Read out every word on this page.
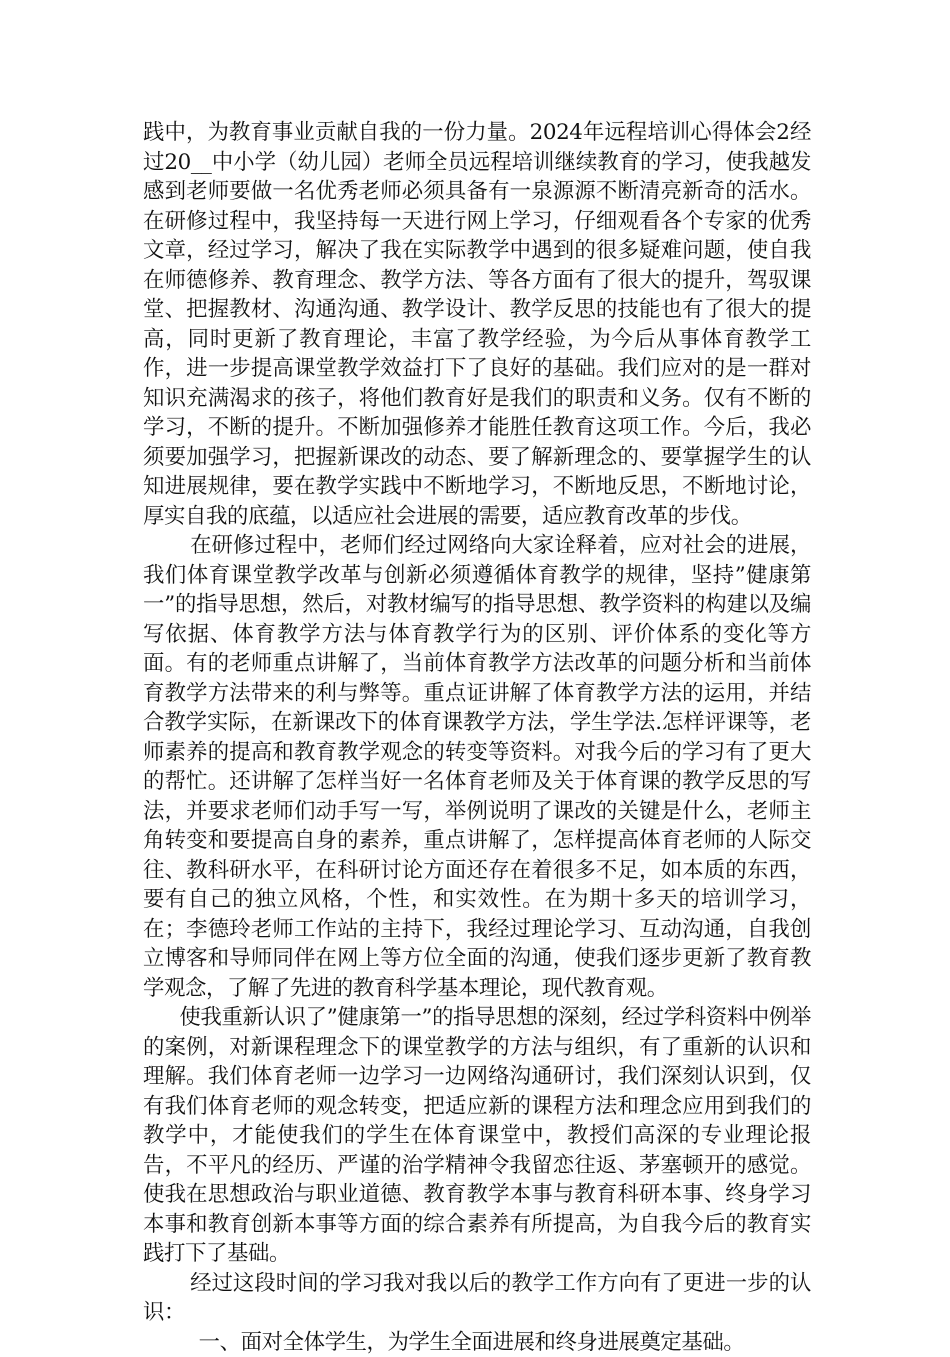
践中，为教育事业贡献自我的一份力量。2024年远程培训心得体会2经过20__中小学（幼儿园）老师全员远程培训继续教育的学习，使我越发感到老师要做一名优秀老师必须具备有一泉源源不断清亮新奇的活水。在研修过程中，我坚持每一天进行网上学习，仔细观看各个专家的优秀文章，经过学习，解决了我在实际教学中遇到的很多疑难问题，使自我在师德修养、教育理念、教学方法、等各方面有了很大的提升，驾驭课堂、把握教材、沟通沟通、教学设计、教学反思的技能也有了很大的提高，同时更新了教育理论，丰富了教学经验，为今后从事体育教学工作，进一步提高课堂教学效益打下了良好的基础。我们应对的是一群对知识充满渴求的孩子，将他们教育好是我们的职责和义务。仅有不断的学习，不断的提升。不断加强修养才能胜任教育这项工作。今后，我必须要加强学习，把握新课改的动态、要了解新理念的、要掌握学生的认知进展规律，要在教学实践中不断地学习，不断地反思，不断地讨论，厚实自我的底蕴，以适应社会进展的需要，适应教育改革的步伐。

在研修过程中，老师们经过网络向大家诠释着，应对社会的进展，我们体育课堂教学改革与创新必须遵循体育教学的规律，坚持”健康第一”的指导思想，然后，对教材编写的指导思想、教学资料的构建以及编写依据、体育教学方法与体育教学行为的区别、评价体系的变化等方面。有的老师重点讲解了，当前体育教学方法改革的问题分析和当前体育教学方法带来的利与弊等。重点证讲解了体育教学方法的运用，并结合教学实际，在新课改下的体育课教学方法，学生学法.怎样评课等，老师素养的提高和教育教学观念的转变等资料。对我今后的学习有了更大的帮忙。还讲解了怎样当好一名体育老师及关于体育课的教学反思的写法，并要求老师们动手写一写，举例说明了课改的关键是什么，老师主角转变和要提高自身的素养，重点讲解了，怎样提高体育老师的人际交往、教科研水平，在科研讨论方面还存在着很多不足，如本质的东西，要有自己的独立风格，个性，和实效性。在为期十多天的培训学习，在；李德玲老师工作站的主持下，我经过理论学习、互动沟通，自我创立博客和导师同伴在网上等方位全面的沟通，使我们逐步更新了教育教学观念，了解了先进的教育科学基本理论，现代教育观。

使我重新认识了”健康第一”的指导思想的深刻，经过学科资料中例举的案例，对新课程理念下的课堂教学的方法与组织，有了重新的认识和理解。我们体育老师一边学习一边网络沟通研讨，我们深刻认识到，仅有我们体育老师的观念转变，把适应新的课程方法和理念应用到我们的教学中，才能使我们的学生在体育课堂中，教授们高深的专业理论报告，不平凡的经历、严谨的治学精神令我留恋往返、茅塞顿开的感觉。使我在思想政治与职业道德、教育教学本事与教育科研本事、终身学习本事和教育创新本事等方面的综合素养有所提高，为自我今后的教育实践打下了基础。

经过这段时间的学习我对我以后的教学工作方向有了更进一步的认识：

一、面对全体学生，为学生全面进展和终身进展奠定基础。
